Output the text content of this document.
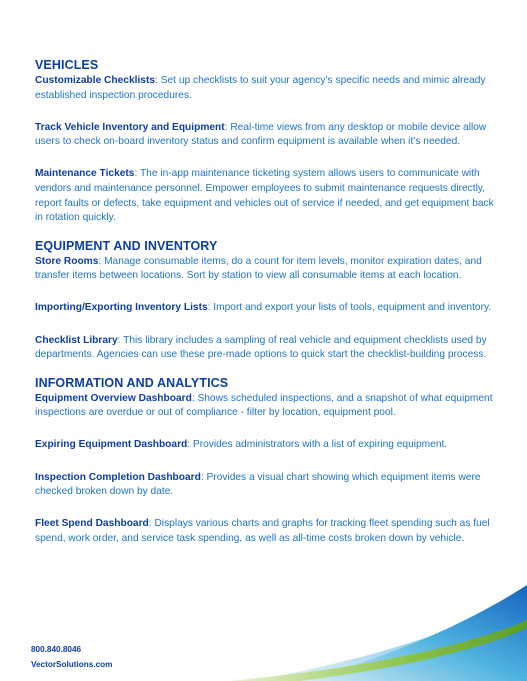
VEHICLES

Customizable Checklists: Set up checklists to suit your agency’s specific needs and mimic already established inspection procedures.

Track Vehicle Inventory and Equipment: Real-time views from any desktop or mobile device allow users to check on-board inventory status and confirm equipment is available when it’s needed.

Maintenance Tickets: The in-app maintenance ticketing system allows users to communicate with vendors and maintenance personnel. Empower employees to submit maintenance requests directly, report faults or defects, take equipment and vehicles out of service if needed, and get equipment back in rotation quickly.

EQUIPMENT AND INVENTORY

Store Rooms: Manage consumable items, do a count for item levels, monitor expiration dates, and transfer items between locations. Sort by station to view all consumable items at each location.

Importing/Exporting Inventory Lists: Import and export your lists of tools, equipment and inventory.

Checklist Library: This library includes a sampling of real vehicle and equipment checklists used by departments. Agencies can use these pre-made options to quick start the checklist-building process.

INFORMATION AND ANALYTICS

Equipment Overview Dashboard: Shows scheduled inspections, and a snapshot of what equipment inspections are overdue or out of compliance - filter by location, equipment pool.

Expiring Equipment Dashboard: Provides administrators with a list of expiring equipment.

Inspection Completion Dashboard: Provides a visual chart showing which equipment items were checked broken down by date.

Fleet Spend Dashboard: Displays various charts and graphs for tracking fleet spending such as fuel spend, work order, and service task spending, as well as all-time costs broken down by vehicle.

800.840.8046
VectorSolutions.com
